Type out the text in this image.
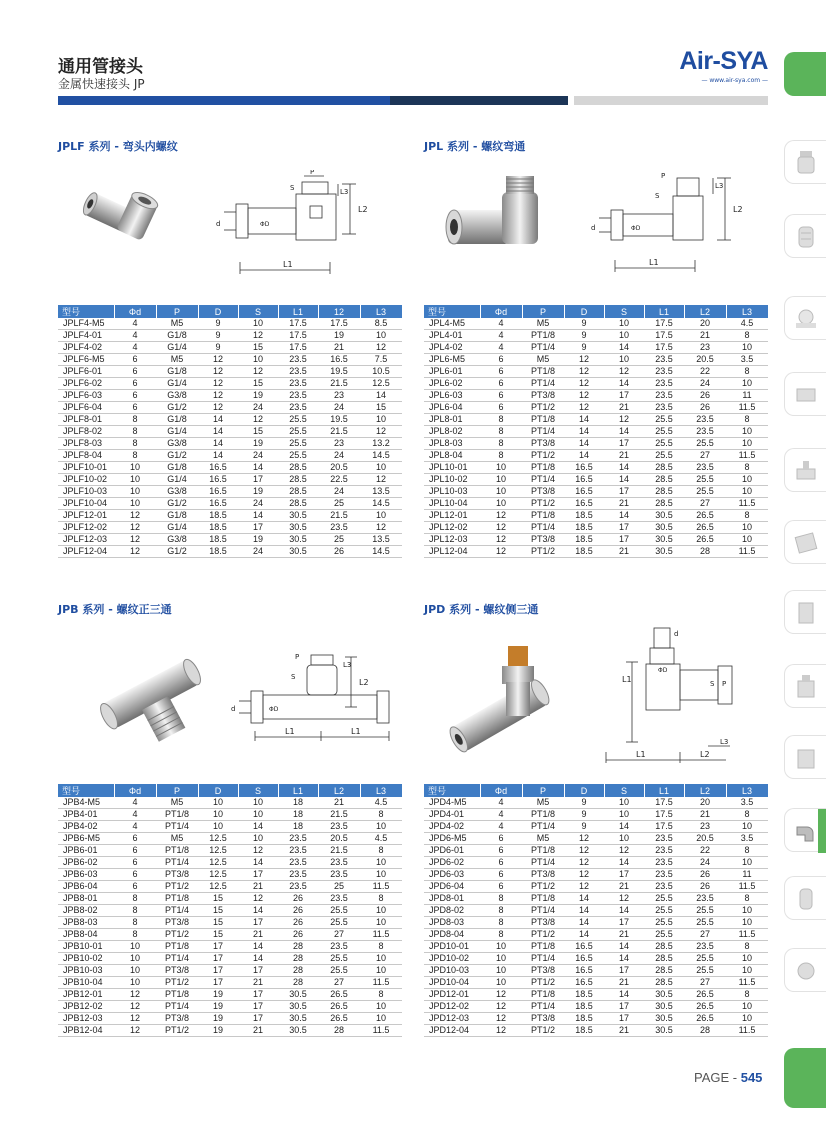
通用管接头
金属快速接头 JP
Air-SYA
— www.air-sya.com —
JPLF 系列 - 弯头内螺纹	JPL 系列 - 螺纹弯通
JPB 系列 - 螺纹正三通	JPD 系列 - 螺纹侧三通
L1
L2
L3
P
S
d	ΦD
L1
L2
L3
P
S
d	ΦD
L1	L1
L2
L3
P
S
d	ΦD
d
ΦD
L1
L1	L2
L3
S P
型号	Φd	P	D	S	L1	12	L3
JPLF4-M5	4	M5	9	10	17.5	17.5	8.5
JPLF4-01	4	G1/8	9	12	17.5	19	10
JPLF4-02	4	G1/4	9	15	17.5	21	12
JPLF6-M5	6	M5	12	10	23.5	16.5	7.5
JPLF6-01	6	G1/8	12	12	23.5	19.5	10.5
JPLF6-02	6	G1/4	12	15	23.5	21.5	12.5
JPLF6-03	6	G3/8	12	19	23.5	23	14
JPLF6-04	6	G1/2	12	24	23.5	24	15
JPLF8-01	8	G1/8	14	12	25.5	19.5	10
JPLF8-02	8	G1/4	14	15	25.5	21.5	12
JPLF8-03	8	G3/8	14	19	25.5	23	13.2
JPLF8-04	8	G1/2	14	24	25.5	24	14.5
JPLF10-01	10	G1/8	16.5	14	28.5	20.5	10
JPLF10-02	10	G1/4	16.5	17	28.5	22.5	12
JPLF10-03	10	G3/8	16.5	19	28.5	24	13.5
JPLF10-04	10	G1/2	16.5	24	28.5	25	14.5
JPLF12-01	12	G1/8	18.5	14	30.5	21.5	10
JPLF12-02	12	G1/4	18.5	17	30.5	23.5	12
JPLF12-03	12	G3/8	18.5	19	30.5	25	13.5
JPLF12-04	12	G1/2	18.5	24	30.5	26	14.5
型号	Φd	P	D	S	L1	L2	L3
JPL4-M5	4	M5	9	10	17.5	20	4.5
JPL4-01	4	PT1/8	9	10	17.5	21	8
JPL4-02	4	PT1/4	9	14	17.5	23	10
JPL6-M5	6	M5	12	10	23.5	20.5	3.5
JPL6-01	6	PT1/8	12	12	23.5	22	8
JPL6-02	6	PT1/4	12	14	23.5	24	10
JPL6-03	6	PT3/8	12	17	23.5	26	11
JPL6-04	6	PT1/2	12	21	23.5	26	11.5
JPL8-01	8	PT1/8	14	12	25.5	23.5	8
JPL8-02	8	PT1/4	14	14	25.5	23.5	10
JPL8-03	8	PT3/8	14	17	25.5	25.5	10
JPL8-04	8	PT1/2	14	21	25.5	27	11.5
JPL10-01	10	PT1/8	16.5	14	28.5	23.5	8
JPL10-02	10	PT1/4	16.5	14	28.5	25.5	10
JPL10-03	10	PT3/8	16.5	17	28.5	25.5	10
JPL10-04	10	PT1/2	16.5	21	28.5	27	11.5
JPL12-01	12	PT1/8	18.5	14	30.5	26.5	8
JPL12-02	12	PT1/4	18.5	17	30.5	26.5	10
JPL12-03	12	PT3/8	18.5	17	30.5	26.5	10
JPL12-04	12	PT1/2	18.5	21	30.5	28	11.5
型号	Φd	P	D	S	L1	L2	L3
JPB4-M5	4	M5	10	10	18	21	4.5
JPB4-01	4	PT1/8	10	10	18	21.5	8
JPB4-02	4	PT1/4	10	14	18	23.5	10
JPB6-M5	6	M5	12.5	10	23.5	20.5	4.5
JPB6-01	6	PT1/8	12.5	12	23.5	21.5	8
JPB6-02	6	PT1/4	12.5	14	23.5	23.5	10
JPB6-03	6	PT3/8	12.5	17	23.5	23.5	10
JPB6-04	6	PT1/2	12.5	21	23.5	25	11.5
JPB8-01	8	PT1/8	15	12	26	23.5	8
JPB8-02	8	PT1/4	15	14	26	25.5	10
JPB8-03	8	PT3/8	15	17	26	25.5	10
JPB8-04	8	PT1/2	15	21	26	27	11.5
JPB10-01	10	PT1/8	17	14	28	23.5	8
JPB10-02	10	PT1/4	17	14	28	25.5	10
JPB10-03	10	PT3/8	17	17	28	25.5	10
JPB10-04	10	PT1/2	17	21	28	27	11.5
JPB12-01	12	PT1/8	19	17	30.5	26.5	8
JPB12-02	12	PT1/4	19	17	30.5	26.5	10
JPB12-03	12	PT3/8	19	17	30.5	26.5	10
JPB12-04	12	PT1/2	19	21	30.5	28	11.5
型号	Φd	P	D	S	L1	L2	L3
JPD4-M5	4	M5	9	10	17.5	20	3.5
JPD4-01	4	PT1/8	9	10	17.5	21	8
JPD4-02	4	PT1/4	9	14	17.5	23	10
JPD6-M5	6	M5	12	10	23.5	20.5	3.5
JPD6-01	6	PT1/8	12	12	23.5	22	8
JPD6-02	6	PT1/4	12	14	23.5	24	10
JPD6-03	6	PT3/8	12	17	23.5	26	11
JPD6-04	6	PT1/2	12	21	23.5	26	11.5
JPD8-01	8	PT1/8	14	12	25.5	23.5	8
JPD8-02	8	PT1/4	14	14	25.5	25.5	10
JPD8-03	8	PT3/8	14	17	25.5	25.5	10
JPD8-04	8	PT1/2	14	21	25.5	27	11.5
JPD10-01	10	PT1/8	16.5	14	28.5	23.5	8
JPD10-02	10	PT1/4	16.5	14	28.5	25.5	10
JPD10-03	10	PT3/8	16.5	17	28.5	25.5	10
JPD10-04	10	PT1/2	16.5	21	28.5	27	11.5
JPD12-01	12	PT1/8	18.5	14	30.5	26.5	8
JPD12-02	12	PT1/4	18.5	17	30.5	26.5	10
JPD12-03	12	PT3/8	18.5	17	30.5	26.5	10
JPD12-04	12	PT1/2	18.5	21	30.5	28	11.5
PAGE - 545
